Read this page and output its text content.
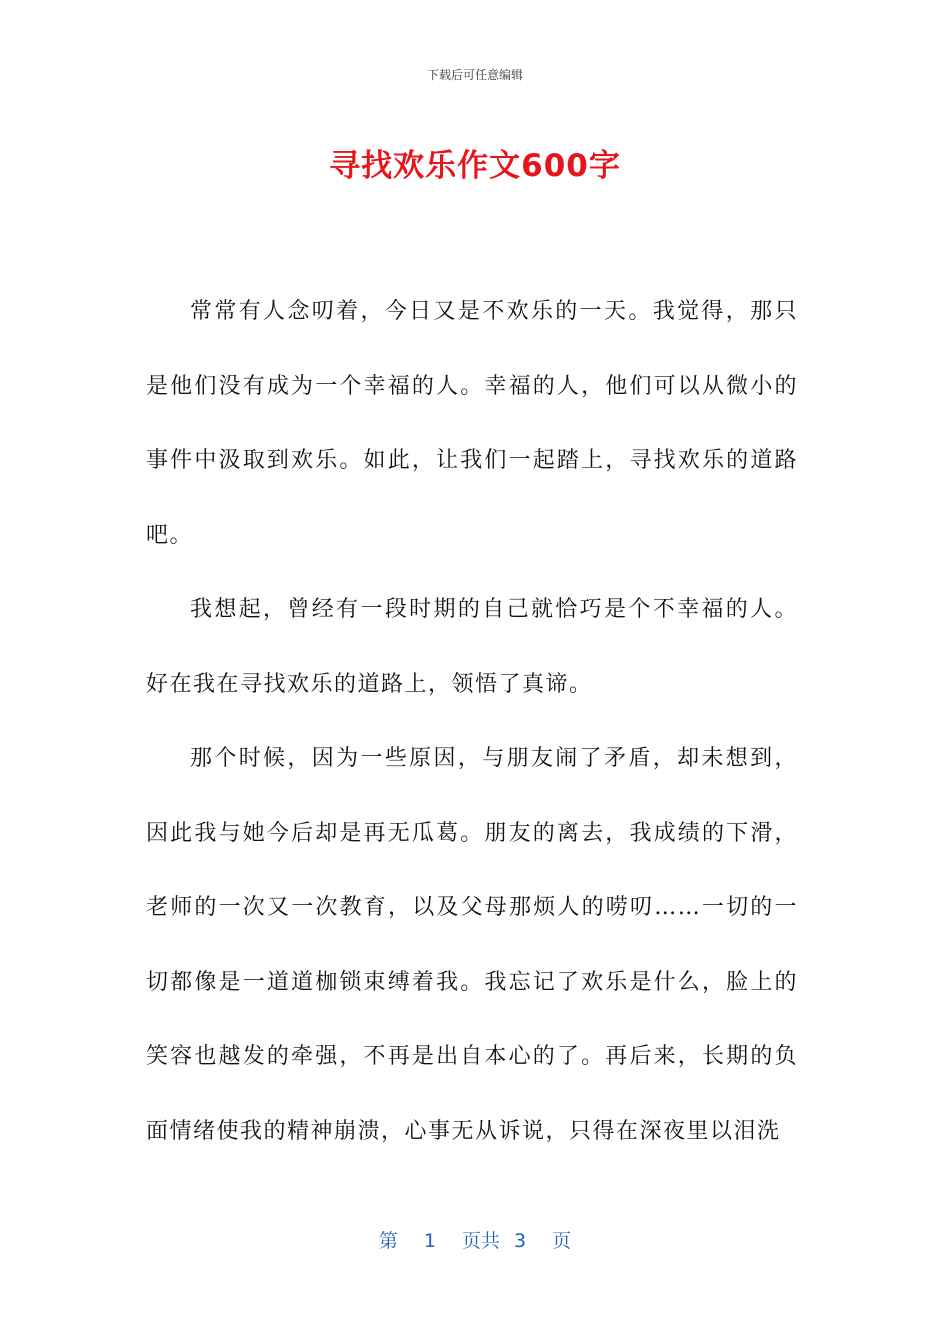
下载后可任意编辑
寻找欢乐作文600字

常常有人念叨着，今日又是不欢乐的一天。我觉得，那只是他们没有成为一个幸福的人。幸福的人，他们可以从微小的事件中汲取到欢乐。如此，让我们一起踏上，寻找欢乐的道路吧。

我想起，曾经有一段时期的自己就恰巧是个不幸福的人。好在我在寻找欢乐的道路上，领悟了真谛。

那个时候，因为一些原因，与朋友闹了矛盾，却未想到，因此我与她今后却是再无瓜葛。朋友的离去，我成绩的下滑，老师的一次又一次教育，以及父母那烦人的唠叨……一切的一切都像是一道道枷锁束缚着我。我忘记了欢乐是什么，脸上的笑容也越发的牵强，不再是出自本心的了。再后来，长期的负面情绪使我的精神崩溃，心事无从诉说，只得在深夜里以泪洗

第 1 页共 3 页
